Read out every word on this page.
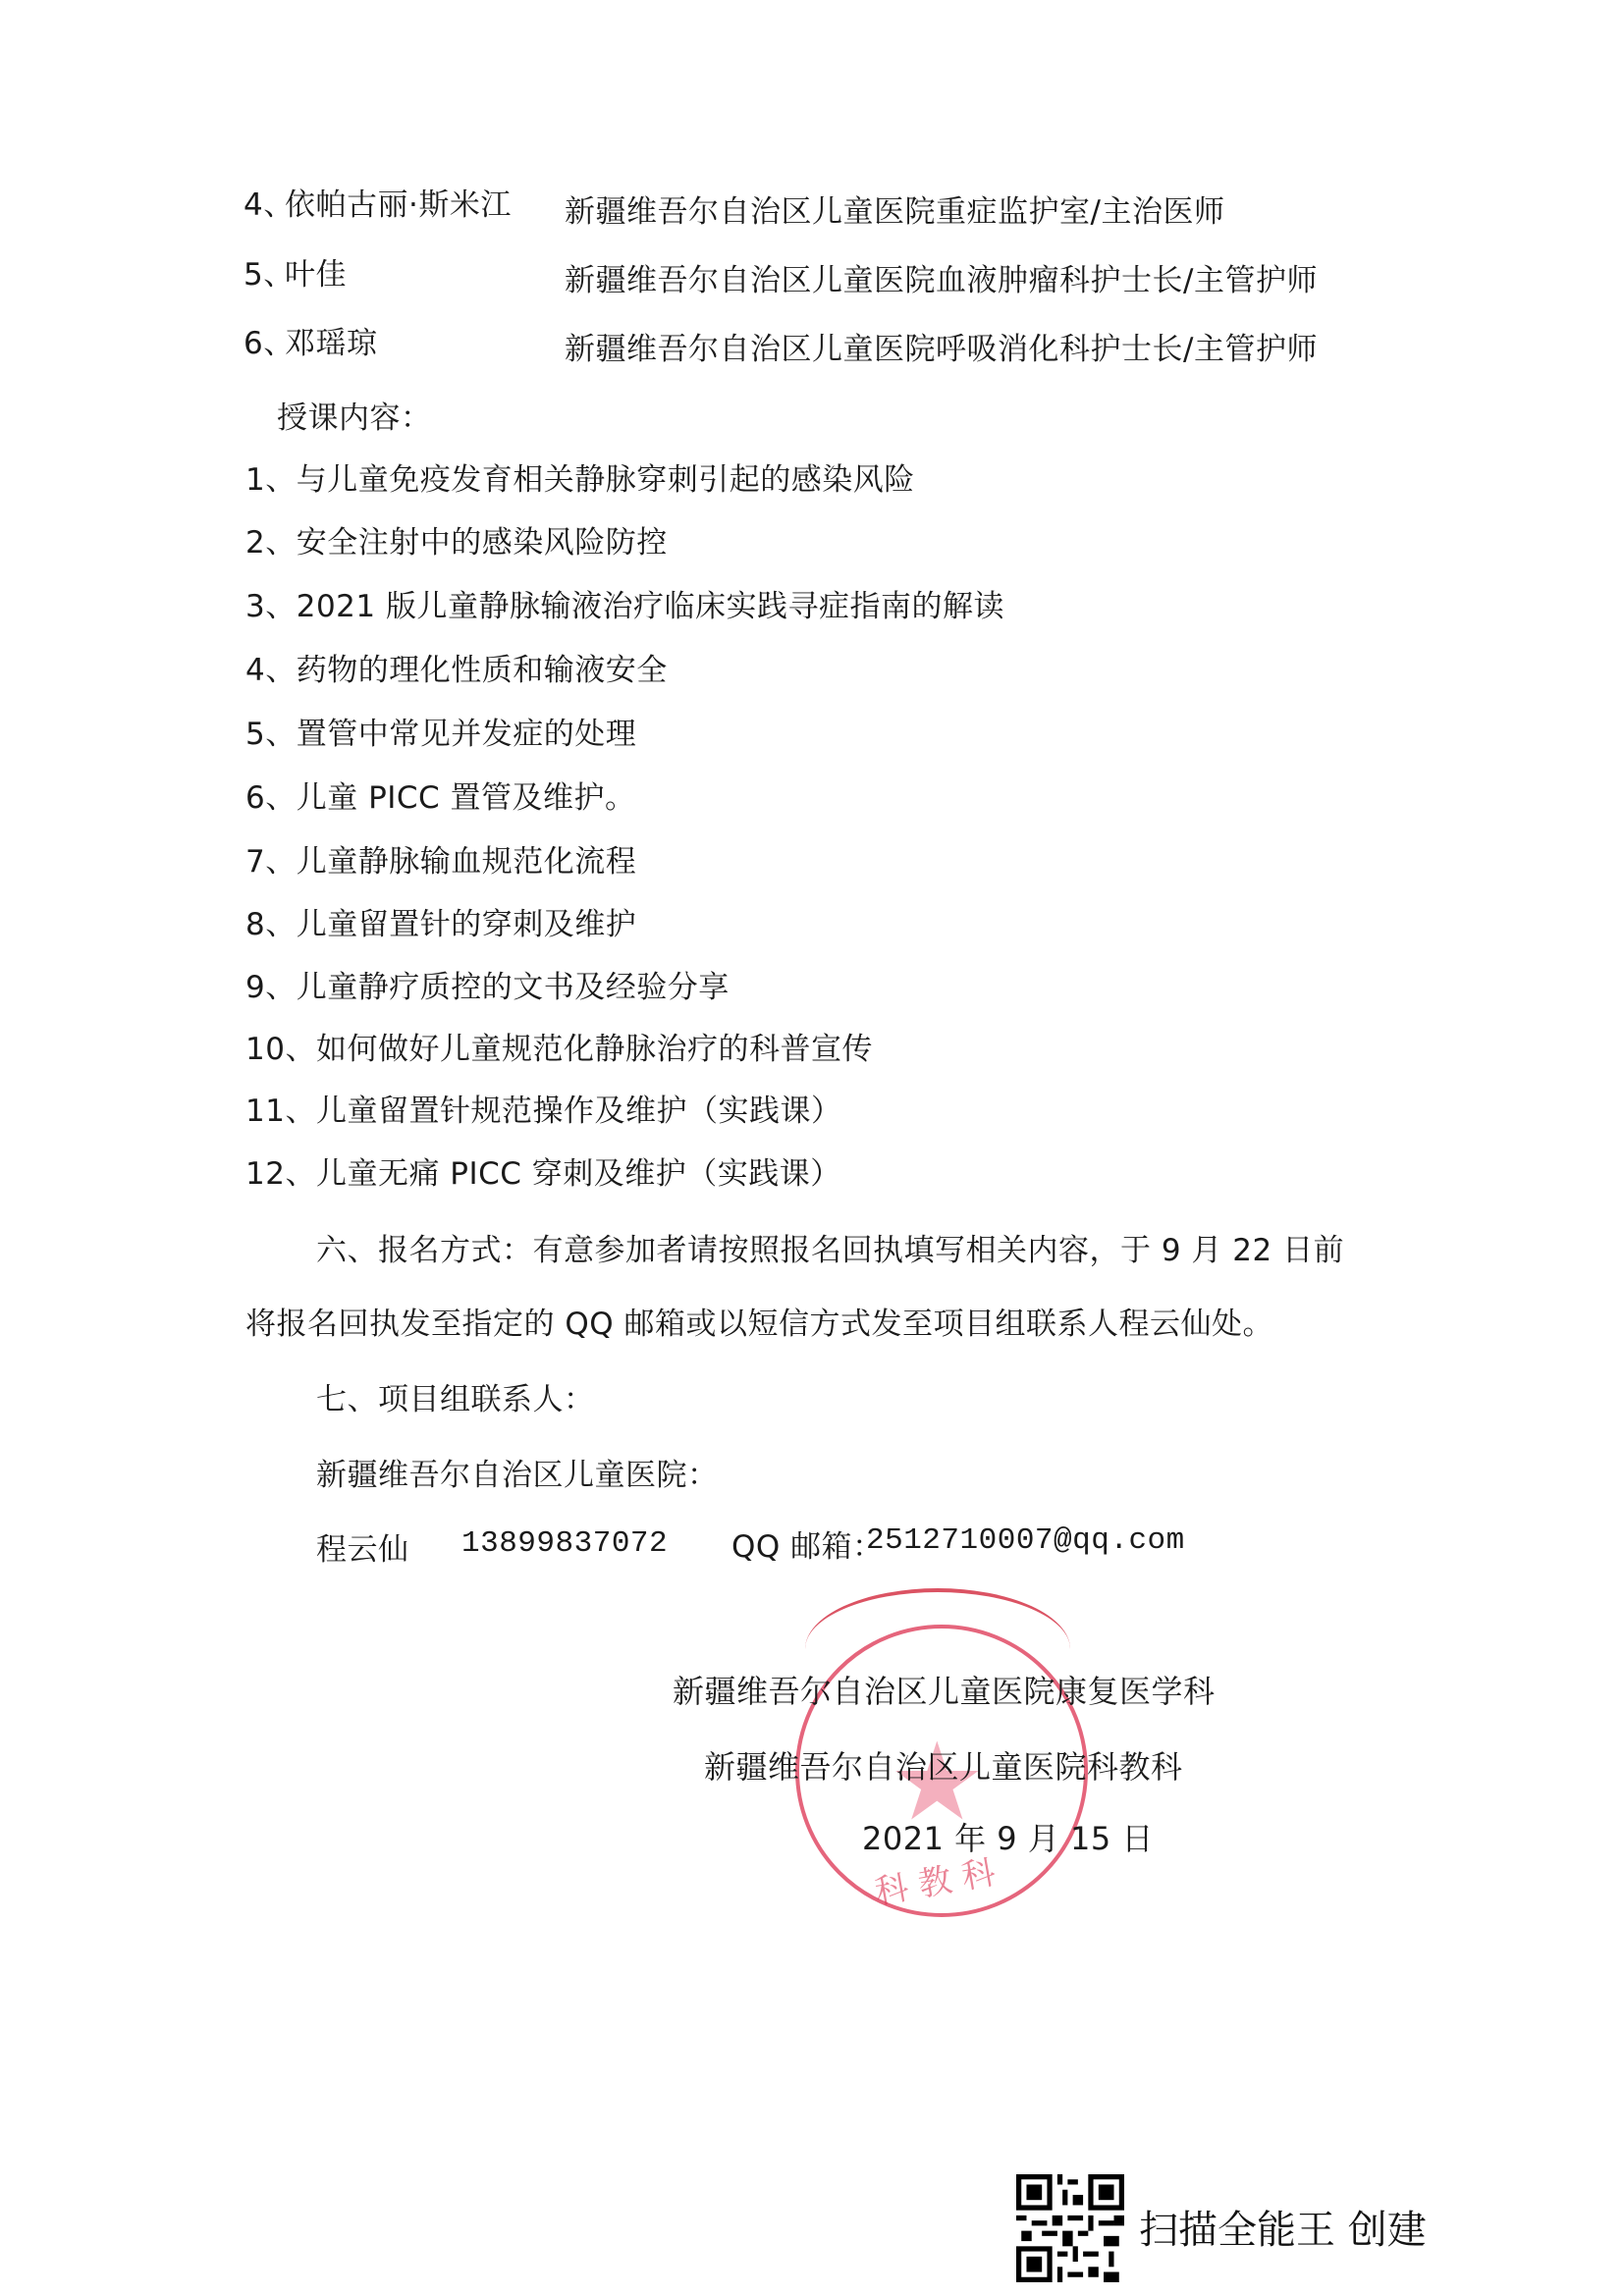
4、
依帕古丽·斯米江 新疆维吾尔自治区儿童医院重症监护室/主治医师
5、
叶佳	新疆维吾尔自治区儿童医院血液肿瘤科护士长/主管护师
6、
邓瑶琼	新疆维吾尔自治区儿童医院呼吸消化科护士长/主管护师
授课内容：
1、与儿童免疫发育相关静脉穿刺引起的感染风险
2、安全注射中的感染风险防控
3、2021 版儿童静脉输液治疗临床实践寻症指南的解读
4、药物的理化性质和输液安全
5、置管中常见并发症的处理
6、儿童 PICC 置管及维护。
7、儿童静脉输血规范化流程
8、儿童留置针的穿刺及维护
9、儿童静疗质控的文书及经验分享
10、如何做好儿童规范化静脉治疗的科普宣传
11、儿童留置针规范操作及维护（实践课）
12、儿童无痛 PICC 穿刺及维护（实践课）
六、报名方式：有意参加者请按照报名回执填写相关内容，于 9 月 22 日前
将报名回执发至指定的 QQ 邮箱或以短信方式发至项目组联系人程云仙处。
七、项目组联系人：
新疆维吾尔自治区儿童医院：
程云仙 13899837072 QQ 邮箱：
2512710007@qq.com
★
科 教 科
新疆维吾尔自治区儿童医院康复医学科
新疆维吾尔自治区儿童医院科教科
2021 年 9 月 15 日
扫描全能王 创建
